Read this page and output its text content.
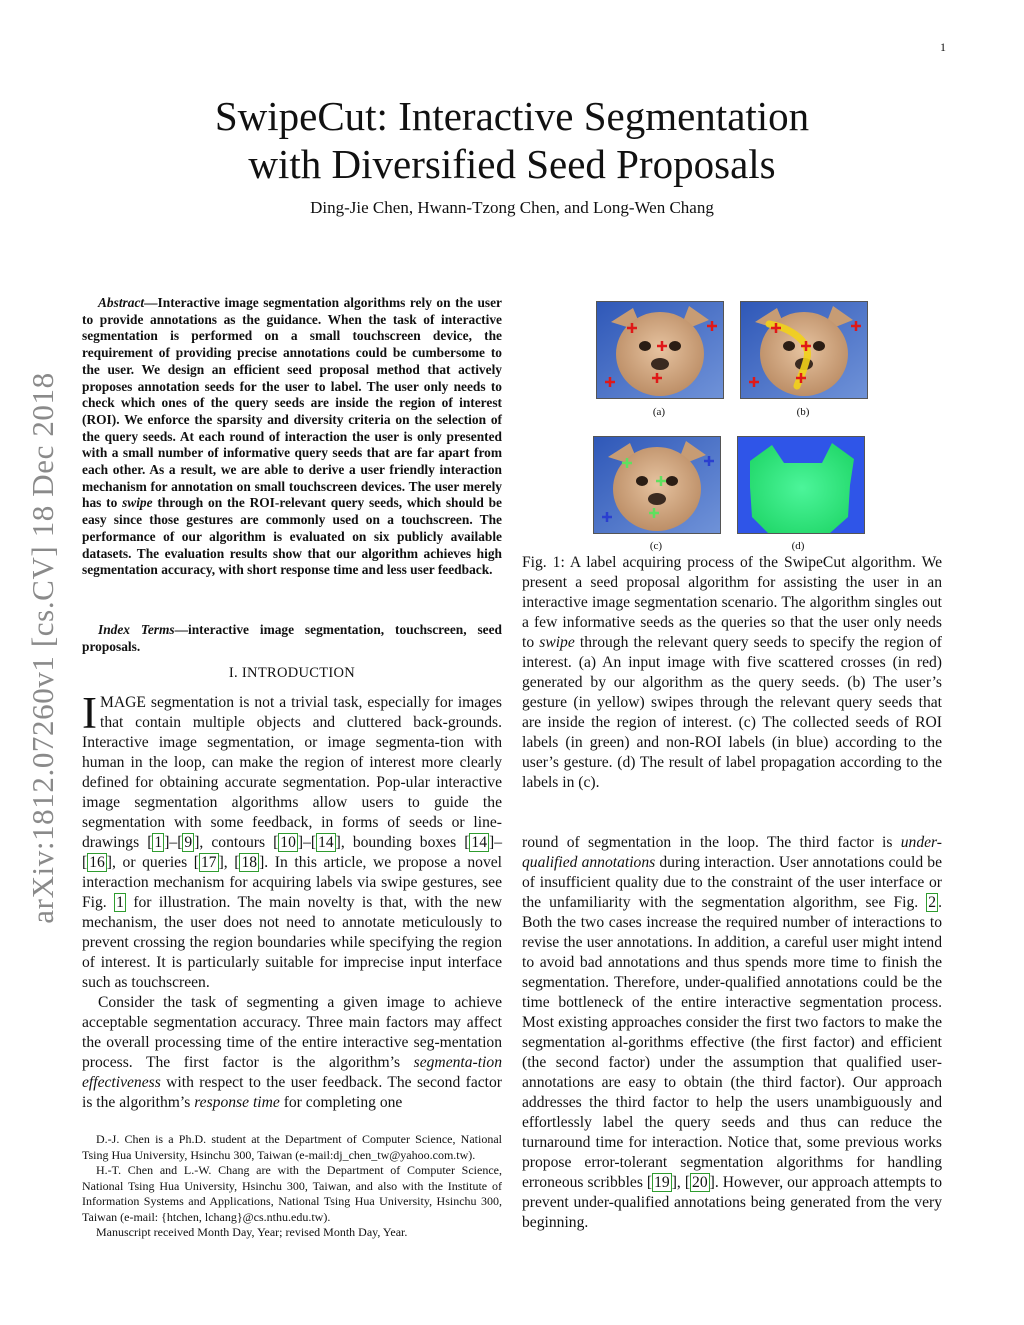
1
arXiv:1812.07260v1 [cs.CV] 18 Dec 2018
SwipeCut: Interactive Segmentation
with Diversified Seed Proposals
Ding-Jie Chen, Hwann-Tzong Chen, and Long-Wen Chang
Abstract—Interactive image segmentation algorithms rely on the user to provide annotations as the guidance. When the task of interactive segmentation is performed on a small touchscreen device, the requirement of providing precise annotations could be cumbersome to the user. We design an efficient seed proposal method that actively proposes annotation seeds for the user to label. The user only needs to check which ones of the query seeds are inside the region of interest (ROI). We enforce the sparsity and diversity criteria on the selection of the query seeds. At each round of interaction the user is only presented with a small number of informative query seeds that are far apart from each other. As a result, we are able to derive a user friendly interaction mechanism for annotation on small touchscreen devices. The user merely has to swipe through on the ROI-relevant query seeds, which should be easy since those gestures are commonly used on a touchscreen. The performance of our algorithm is evaluated on six publicly available datasets. The evaluation results show that our algorithm achieves high segmentation accuracy, with short response time and less user feedback.
Index Terms—interactive image segmentation, touchscreen, seed proposals.
I. INTRODUCTION

IMAGE segmentation is not a trivial task, especially for images that contain multiple objects and cluttered back-grounds. Interactive image segmentation, or image segmenta-tion with human in the loop, can make the region of interest more clearly defined for obtaining accurate segmentation. Pop-ular interactive image segmentation algorithms allow users to guide the segmentation with some feedback, in forms of seeds or line-drawings [ 1 ]–[ 9 ], contours [ 10 ]–[ 14 ], bounding boxes [ 14 ]–[ 16 ], or queries [ 17 ], [ 18 ]. In this article, we propose a novel interaction mechanism for acquiring labels via swipe gestures, see Fig. 1 for illustration. The main novelty is that, with the new mechanism, the user does not need to annotate meticulously to prevent crossing the region boundaries while specifying the region of interest. It is particularly suitable for imprecise input interface such as touchscreen.

Consider the task of segmenting a given image to achieve acceptable segmentation accuracy. Three main factors may affect the overall processing time of the entire interactive seg-mentation process. The first factor is the algorithm’s segmenta-tion effectiveness with respect to the user feedback. The second factor is the algorithm’s response time for completing one

D.-J. Chen is a Ph.D. student at the Department of Computer Science, National Tsing Hua University, Hsinchu 300, Taiwan (e-mail:dj_chen_tw@yahoo.com.tw).

H.-T. Chen and L.-W. Chang are with the Department of Computer Science, National Tsing Hua University, Hsinchu 300, Taiwan, and also with the Institute of Information Systems and Applications, National Tsing Hua University, Hsinchu 300, Taiwan (e-mail: {htchen, lchang}@cs.nthu.edu.tw).

Manuscript received Month Day, Year; revised Month Day, Year.

(a)	(b)
(c)	(d)
Fig. 1: A label acquiring process of the SwipeCut algorithm. We present a seed proposal algorithm for assisting the user in an interactive image segmentation scenario. The algorithm singles out a few informative seeds as the queries so that the user only needs to swipe through the relevant query seeds to specify the region of interest. (a) An input image with five scattered crosses (in red) generated by our algorithm as the query seeds. (b) The user’s gesture (in yellow) swipes through the relevant query seeds that are inside the region of interest. (c) The collected seeds of ROI labels (in green) and non-ROI labels (in blue) according to the user’s gesture. (d) The result of label propagation according to the labels in (c).
round of segmentation in the loop. The third factor is under-qualified annotations during interaction. User annotations could be of insufficient quality due to the constraint of the user interface or the unfamiliarity with the segmentation algorithm, see Fig. 2 . Both the two cases increase the required number of interactions to revise the user annotations. In addition, a careful user might intend to avoid bad annotations and thus spends more time to finish the segmentation. Therefore, under-qualified annotations could be the time bottleneck of the entire interactive segmentation process. Most existing approaches consider the first two factors to make the segmentation al-gorithms effective (the first factor) and efficient (the second factor) under the assumption that qualified user-annotations are easy to obtain (the third factor). Our approach addresses the third factor to help the users unambiguously and effortlessly label the query seeds and thus can reduce the turnaround time for interaction. Notice that, some previous works propose error-tolerant segmentation algorithms for handling erroneous scribbles [ 19 ], [ 20 ]. However, our approach attempts to prevent under-qualified annotations being generated from the very beginning.
